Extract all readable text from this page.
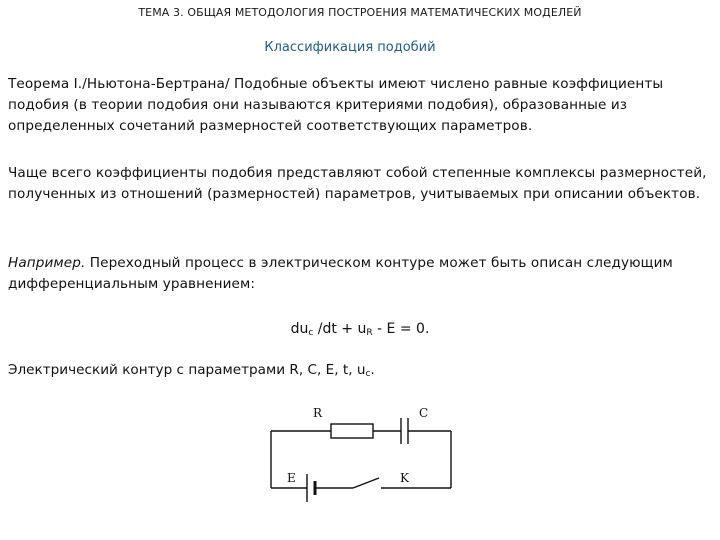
ТЕМА 3. ОБЩАЯ МЕТОДОЛОГИЯ ПОСТРОЕНИЯ МАТЕМАТИЧЕСКИХ МОДЕЛЕЙ
Классификация подобий
Теорема I./Ньютона-Бертрана/ Подобные объекты имеют числено равные коэффициенты подобия (в теории подобия они называются критериями подобия), образованные из определенных сочетаний размерностей соответствующих параметров.
Чаще всего коэффициенты подобия представляют собой степенные комплексы размерностей, полученных из отношений (размерностей) параметров, учитываемых при описании объектов.
Например. Переходный процесс в электрическом контуре может быть описан следующим дифференциальным уравнением:
$du_c$ $/dt + u_R - E = 0$.
Электрический контур с параметрами R, С, Е, t, $u_c$.
R	C
E	K
